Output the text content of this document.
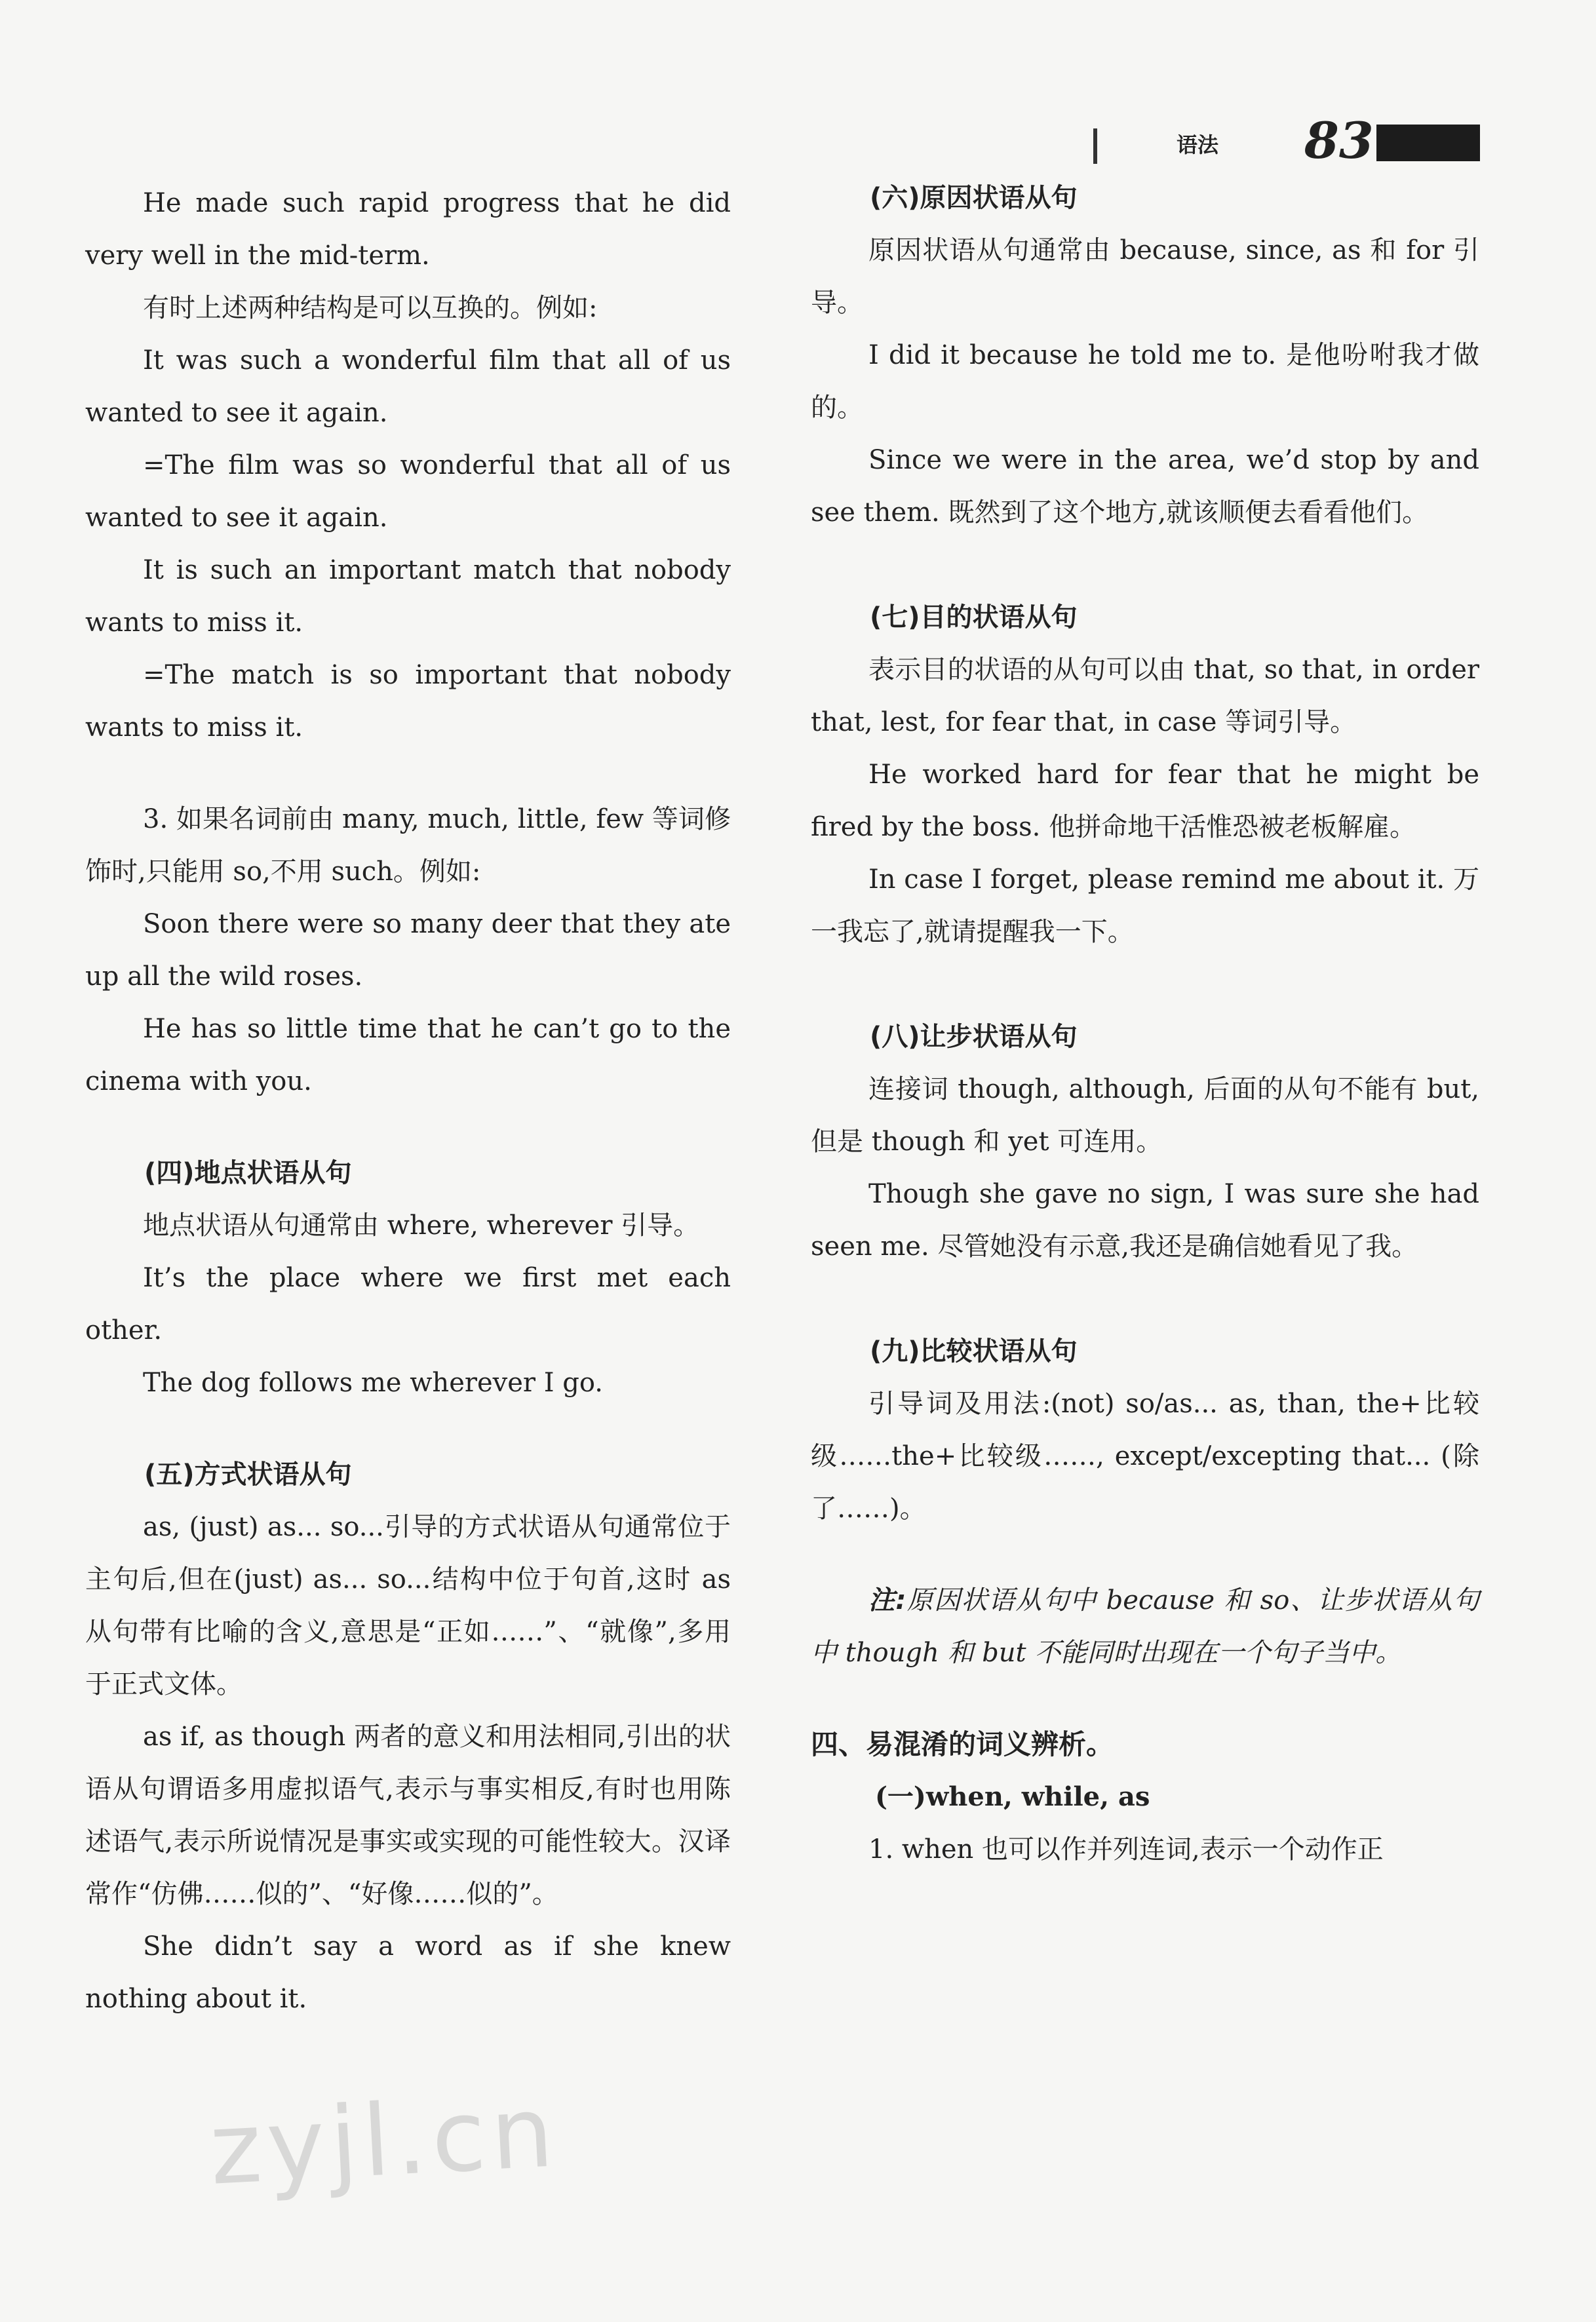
语法 83

He made such rapid progress that he did very well in the mid-term.

有时上述两种结构是可以互换的。例如:

It was such a wonderful film that all of us wanted to see it again.

=The film was so wonderful that all of us wanted to see it again.

It is such an important match that nobody wants to miss it.

=The match is so important that nobody wants to miss it.

3. 如果名词前由 many, much, little, few 等词修饰时,只能用 so,不用 such。例如:

Soon there were so many deer that they ate up all the wild roses.

He has so little time that he can’t go to the cinema with you.

(四)地点状语从句

地点状语从句通常由 where, wherever 引导。

It’s the place where we first met each other.

The dog follows me wherever I go.

(五)方式状语从句

as, (just) as... so...引导的方式状语从句通常位于主句后,但在(just) as... so...结构中位于句首,这时 as 从句带有比喻的含义,意思是“正如……”、“就像”,多用于正式文体。

as if, as though 两者的意义和用法相同,引出的状语从句谓语多用虚拟语气,表示与事实相反,有时也用陈述语气,表示所说情况是事实或实现的可能性较大。汉译常作“仿佛……似的”、“好像……似的”。

She didn’t say a word as if she knew nothing about it.

(六)原因状语从句

原因状语从句通常由 because, since, as 和 for 引导。

I did it because he told me to. 是他吩咐我才做的。

Since we were in the area, we’d stop by and see them. 既然到了这个地方,就该顺便去看看他们。

(七)目的状语从句

表示目的状语的从句可以由 that, so that, in order that, lest, for fear that, in case 等词引导。

He worked hard for fear that he might be fired by the boss. 他拼命地干活惟恐被老板解雇。

In case I forget, please remind me about it. 万一我忘了,就请提醒我一下。

(八)让步状语从句

连接词 though, although, 后面的从句不能有 but,但是 though 和 yet 可连用。

Though she gave no sign, I was sure she had seen me. 尽管她没有示意,我还是确信她看见了我。

(九)比较状语从句

引导词及用法:(not) so/as... as, than, the+比较级……the+比较级……, except/excepting that... (除了……)。

注:原因状语从句中 because 和 so、让步状语从句中 though 和 but 不能同时出现在一个句子当中。

四、易混淆的词义辨析。

(一)when, while, as

1. when 也可以作并列连词,表示一个动作正

zyjl.cn
